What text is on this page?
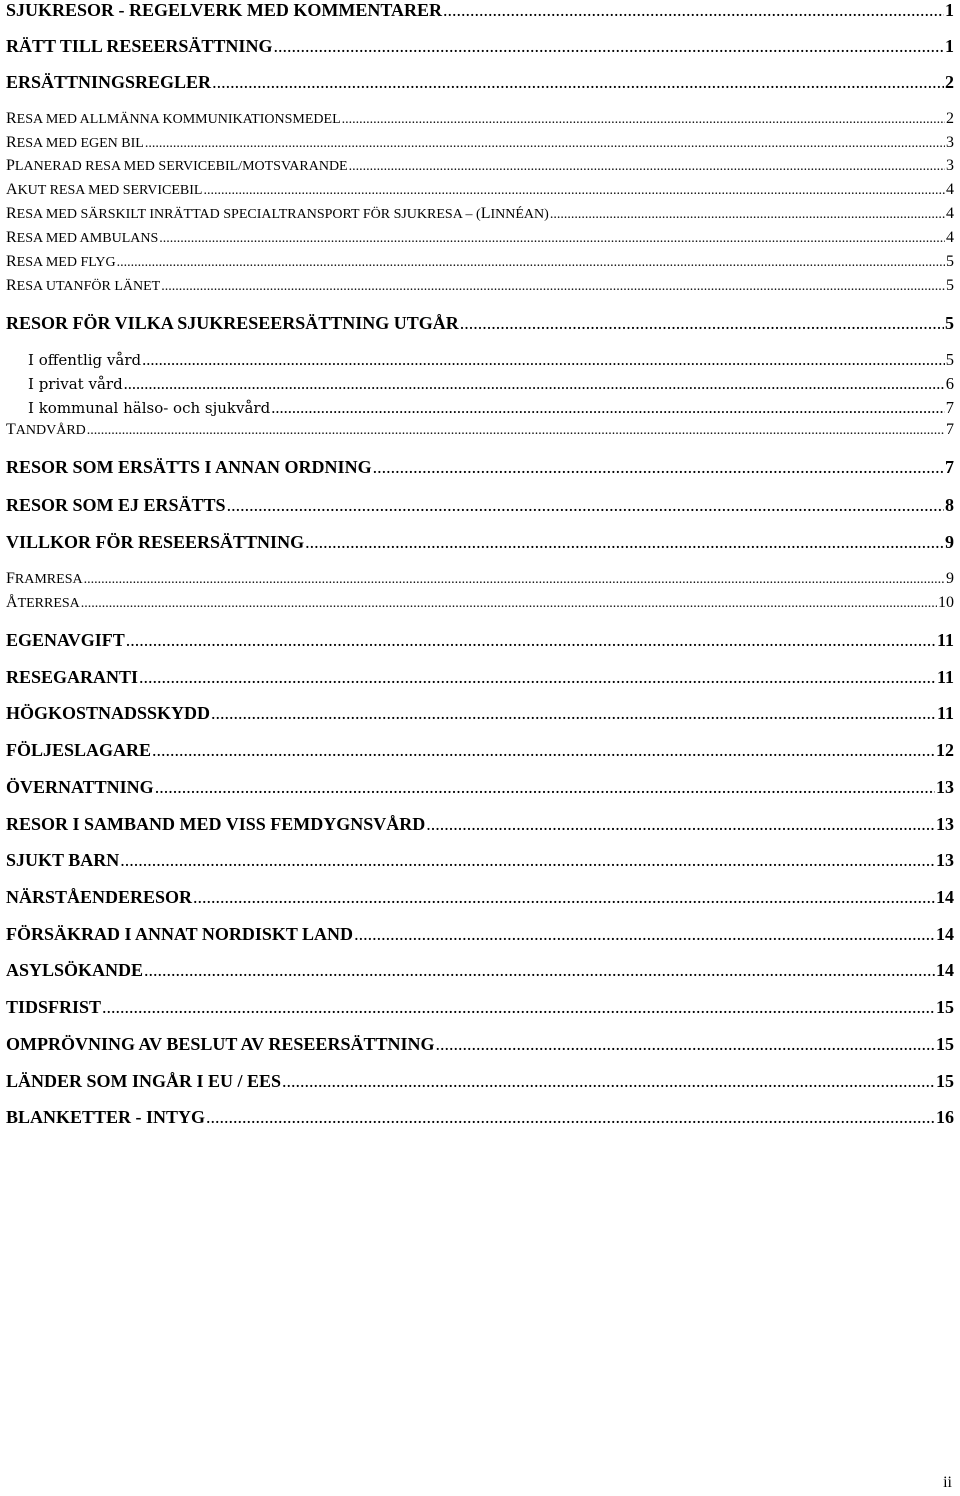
SJUKRESOR - REGELVERK MED KOMMENTARER .....	1
RÄTT TILL RESEERSÄTTNING .....	1
ERSÄTTNINGSREGLER .....	2
RESA MED ALLMÄNNA KOMMUNIKATIONSMEDEL .....	2
RESA MED EGEN BIL .....	3
PLANERAD RESA MED SERVICEBIL/MOTSVARANDE .....	3
AKUT RESA MED SERVICEBIL .....	4
RESA MED SÄRSKILT INRÄTTAD SPECIALTRANSPORT FÖR SJUKRESA – (LINNÉAN) .....	4
RESA MED AMBULANS .....	4
RESA MED FLYG .....	5
RESA UTANFÖR LÄNET .....	5
RESOR FÖR VILKA SJUKRESEERSÄTTNING UTGÅR .....	5
I offentlig vård .....	5
I privat vård .....	6
I kommunal hälso- och sjukvård .....	7
TANDVÅRD .....	7
RESOR SOM ERSÄTTS I ANNAN ORDNING .....	7
RESOR SOM EJ ERSÄTTS .....	8
VILLKOR FÖR RESEERSÄTTNING .....	9
FRAMRESA .....	9
ÅTERRESA .....	10
EGENAVGIFT .....	11
RESEGARANTI .....	11
HÖGKOSTNADSSKYDD .....	11
FÖLJESLAGARE .....	12
ÖVERNATTNING .....	13
RESOR I SAMBAND MED VISS FEMDYGNSVÅRD .....	13
SJUKT BARN .....	13
NÄRSTÅENDERESOR .....	14
FÖRSÄKRAD I ANNAT NORDISKT LAND .....	14
ASYLSÖKANDE .....	14
TIDSFRIST .....	15
OMPRÖVNING AV BESLUT AV RESEERSÄTTNING .....	15
LÄNDER SOM INGÅR I EU / EES .....	15
BLANKETTER - INTYG .....	16
ii
